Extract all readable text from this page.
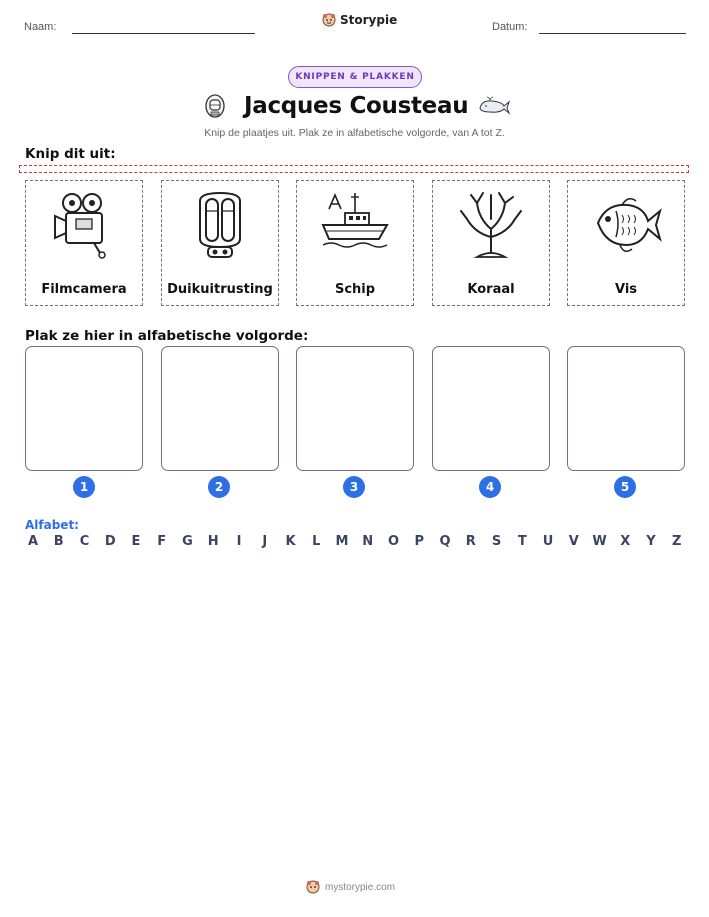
Naam:	Storypie	Datum:
KNIPPEN & PLAKKEN
Jacques Cousteau
Knip de plaatjes uit. Plak ze in alfabetische volgorde, van A tot Z.
Knip dit uit:
Filmcamera	Duikuitrusting	Schip	Koraal	Vis
Plak ze hier in alfabetische volgorde:
1	2	3	4	5
Alfabet:
A B C D E F G H	I	J	K L M N O P Q R S T U V W X Y Z
mystorypie.com
